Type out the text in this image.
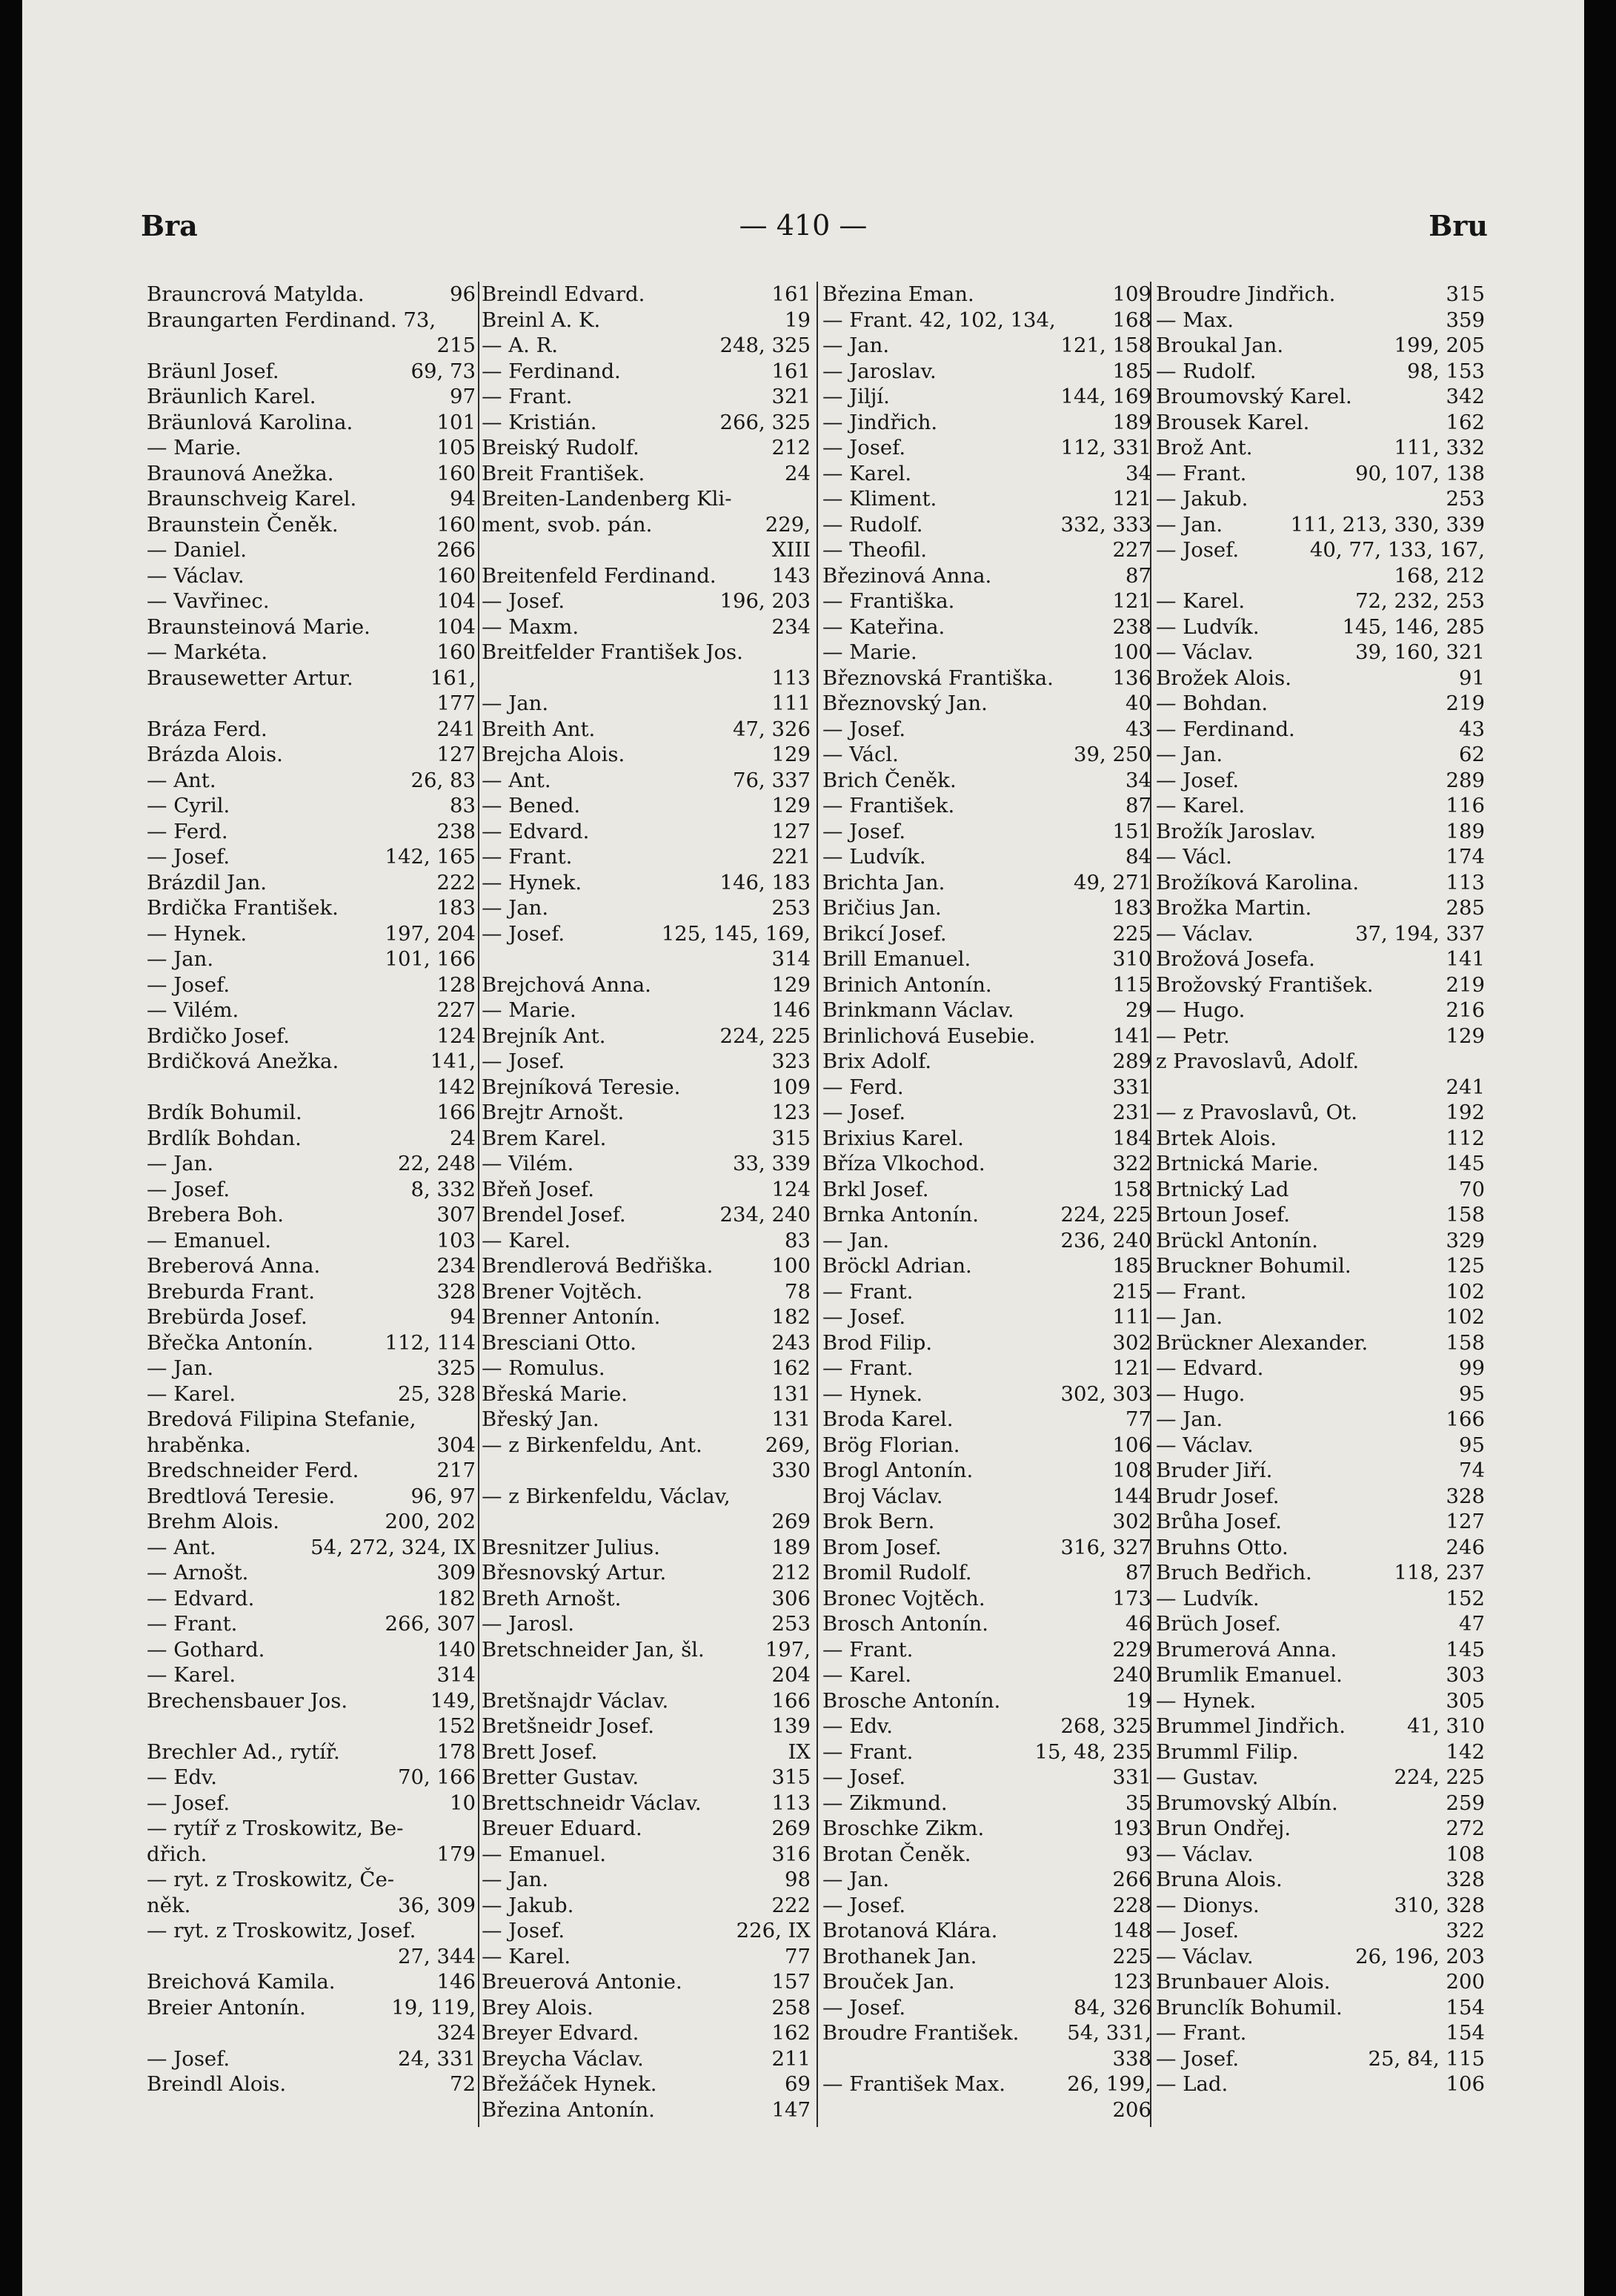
Bra	— 410 —	Bru
Brauncrová Matylda.	96
Braungarten Ferdinand. 73,
215
Bräunl Josef.	69, 73
Bräunlich Karel.	97
Bräunlová Karolina.	101
— Marie.	105
Braunová Anežka.	160
Braunschveig Karel.	94
Braunstein Čeněk.	160
— Daniel.	266
— Václav.	160
— Vavřinec.	104
Braunsteinová Marie.	104
— Markéta.	160
Brausewetter Artur.	161,
177
Bráza Ferd.	241
Brázda Alois.	127
— Ant.	26, 83
— Cyril.	83
— Ferd.	238
— Josef.	142, 165
Brázdil Jan.	222
Brdička František.	183
— Hynek.	197, 204
— Jan.	101, 166
— Josef.	128
— Vilém.	227
Brdičko Josef.	124
Brdičková Anežka.	141,
142
Brdík Bohumil.	166
Brdlík Bohdan.	24
— Jan.	22, 248
— Josef.	8, 332
Brebera Boh.	307
— Emanuel.	103
Breberová Anna.	234
Breburda Frant.	328
Brebürda Josef.	94
Břečka Antonín.	112, 114
— Jan.	325
— Karel.	25, 328
Bredová Filipina Stefanie,
hraběnka.	304
Bredschneider Ferd.	217
Bredtlová Teresie.	96, 97
Brehm Alois.	200, 202
— Ant.	54, 272, 324, IX
— Arnošt.	309
— Edvard.	182
— Frant.	266, 307
— Gothard.	140
— Karel.	314
Brechensbauer Jos.	149,
152
Brechler Ad., rytíř.	178
— Edv.	70, 166
— Josef.	10
— rytíř z Troskowitz, Be-
dřich.	179
— ryt. z Troskowitz, Če-
něk.	36, 309
— ryt. z Troskowitz, Josef.
27, 344
Breichová Kamila.	146
Breier Antonín.	19, 119,
324
— Josef.	24, 331
Breindl Alois.	72
Breindl Edvard.	161
Breinl A. K.	19
— A. R.	248, 325
— Ferdinand.	161
— Frant.	321
— Kristián.	266, 325
Breiský Rudolf.	212
Breit František.	24
Breiten-Landenberg Kli-
ment, svob. pán.	229,
XIII
Breitenfeld Ferdinand.	143
— Josef.	196, 203
— Maxm.	234
Breitfelder František Jos.
113
— Jan.	111
Breith Ant.	47, 326
Brejcha Alois.	129
— Ant.	76, 337
— Bened.	129
— Edvard.	127
— Frant.	221
— Hynek.	146, 183
— Jan.	253
— Josef.	125, 145, 169,
314
Brejchová Anna.	129
— Marie.	146
Brejník Ant.	224, 225
— Josef.	323
Brejníková Teresie.	109
Brejtr Arnošt.	123
Brem Karel.	315
— Vilém.	33, 339
Břeň Josef.	124
Brendel Josef.	234, 240
— Karel.	83
Brendlerová Bedřiška.	100
Brener Vojtěch.	78
Brenner Antonín.	182
Bresciani Otto.	243
— Romulus.	162
Břeská Marie.	131
Břeský Jan.	131
— z Birkenfeldu, Ant.	269,
330
— z Birkenfeldu, Václav,
269
Bresnitzer Julius.	189
Břesnovský Artur.	212
Breth Arnošt.	306
— Jarosl.	253
Bretschneider Jan, šl.	197,
204
Bretšnajdr Václav.	166
Bretšneidr Josef.	139
Brett Josef.	IX
Bretter Gustav.	315
Brettschneidr Václav.	113
Breuer Eduard.	269
— Emanuel.	316
— Jan.	98
— Jakub.	222
— Josef.	226, IX
— Karel.	77
Breuerová Antonie.	157
Brey Alois.	258
Breyer Edvard.	162
Breycha Václav.	211
Břežáček Hynek.	69
Březina Antonín.	147
Březina Eman.	109
— Frant. 42, 102, 134,	168
— Jan.	121, 158
— Jaroslav.	185
— Jiljí.	144, 169
— Jindřich.	189
— Josef.	112, 331
— Karel.	34
— Kliment.	121
— Rudolf.	332, 333
— Theofil.	227
Březinová Anna.	87
— Františka.	121
— Kateřina.	238
— Marie.	100
Březnovská Františka.	136
Březnovský Jan.	40
— Josef.	43
— Václ.	39, 250
Brich Čeněk.	34
— František.	87
— Josef.	151
— Ludvík.	84
Brichta Jan.	49, 271
Bričius Jan.	183
Brikcí Josef.	225
Brill Emanuel.	310
Brinich Antonín.	115
Brinkmann Václav.	29
Brinlichová Eusebie.	141
Brix Adolf.	289
— Ferd.	331
— Josef.	231
Brixius Karel.	184
Bříza Vlkochod.	322
Brkl Josef.	158
Brnka Antonín.	224, 225
— Jan.	236, 240
Bröckl Adrian.	185
— Frant.	215
— Josef.	111
Brod Filip.	302
— Frant.	121
— Hynek.	302, 303
Broda Karel.	77
Brög Florian.	106
Brogl Antonín.	108
Broj Václav.	144
Brok Bern.	302
Brom Josef.	316, 327
Bromil Rudolf.	87
Bronec Vojtěch.	173
Brosch Antonín.	46
— Frant.	229
— Karel.	240
Brosche Antonín.	19
— Edv.	268, 325
— Frant.	15, 48, 235
— Josef.	331
— Zikmund.	35
Broschke Zikm.	193
Brotan Čeněk.	93
— Jan.	266
— Josef.	228
Brotanová Klára.	148
Brothanek Jan.	225
Brouček Jan.	123
— Josef.	84, 326
Broudre František.	54, 331,
338
— František Max.	26, 199,
206
Broudre Jindřich.	315
— Max.	359
Broukal Jan.	199, 205
— Rudolf.	98, 153
Broumovský Karel.	342
Brousek Karel.	162
Brož Ant.	111, 332
— Frant.	90, 107, 138
— Jakub.	253
— Jan.	111, 213, 330, 339
— Josef.	40, 77, 133, 167,
168, 212
— Karel.	72, 232, 253
— Ludvík.	145, 146, 285
— Václav.	39, 160, 321
Brožek Alois.	91
— Bohdan.	219
— Ferdinand.	43
— Jan.	62
— Josef.	289
— Karel.	116
Brožík Jaroslav.	189
— Václ.	174
Brožíková Karolina.	113
Brožka Martin.	285
— Václav.	37, 194, 337
Brožová Josefa.	141
Brožovský František.	219
— Hugo.	216
— Petr.	129
z Pravoslavů, Adolf.
241
— z Pravoslavů, Ot.	192
Brtek Alois.	112
Brtnická Marie.	145
Brtnický Lad	70
Brtoun Josef.	158
Brückl Antonín.	329
Bruckner Bohumil.	125
— Frant.	102
— Jan.	102
Brückner Alexander.	158
— Edvard.	99
— Hugo.	95
— Jan.	166
— Václav.	95
Bruder Jiří.	74
Brudr Josef.	328
Brůha Josef.	127
Bruhns Otto.	246
Bruch Bedřich.	118, 237
— Ludvík.	152
Brüch Josef.	47
Brumerová Anna.	145
Brumlik Emanuel.	303
— Hynek.	305
Brummel Jindřich.	41, 310
Brumml Filip.	142
— Gustav.	224, 225
Brumovský Albín.	259
Brun Ondřej.	272
— Václav.	108
Bruna Alois.	328
— Dionys.	310, 328
— Josef.	322
— Václav.	26, 196, 203
Brunbauer Alois.	200
Brunclík Bohumil.	154
— Frant.	154
— Josef.	25, 84, 115
— Lad.	106
